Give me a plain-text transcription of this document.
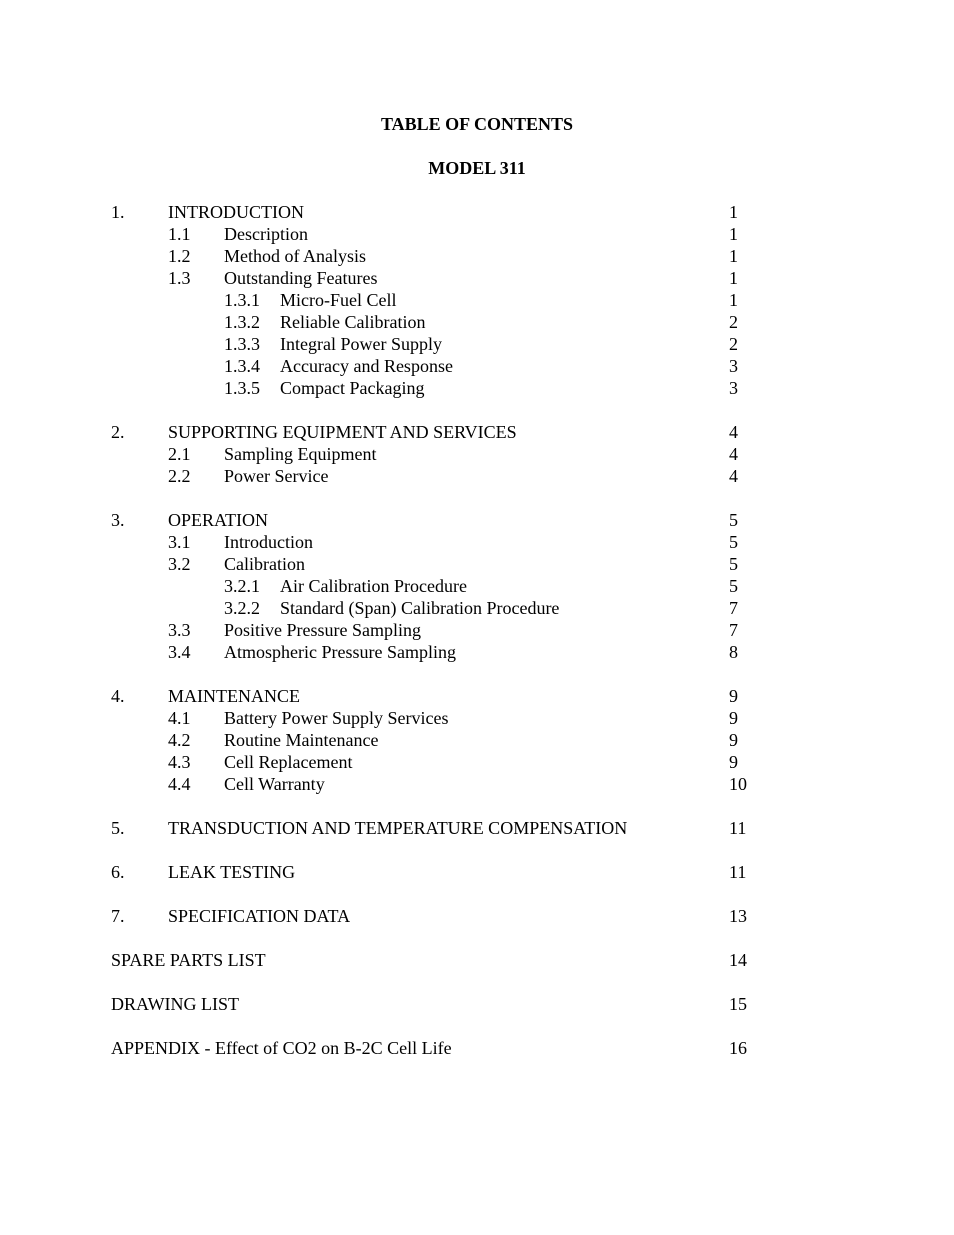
TABLE OF CONTENTS
MODEL 311
1. INTRODUCTION	1
1.1 Description	1
1.2 Method of Analysis	1
1.3 Outstanding Features	1
1.3.1 Micro-Fuel Cell	1
1.3.2 Reliable Calibration	2
1.3.3 Integral Power Supply	2
1.3.4 Accuracy and Response	3
1.3.5 Compact Packaging	3
2. SUPPORTING EQUIPMENT AND SERVICES	4
2.1 Sampling Equipment	4
2.2 Power Service	4
3. OPERATION	5
3.1 Introduction	5
3.2 Calibration	5
3.2.1 Air Calibration Procedure	5
3.2.2 Standard (Span) Calibration Procedure	7
3.3 Positive Pressure Sampling	7
3.4 Atmospheric Pressure Sampling	8
4. MAINTENANCE	9
4.1 Battery Power Supply Services	9
4.2 Routine Maintenance	9
4.3 Cell Replacement	9
4.4 Cell Warranty	10
5. TRANSDUCTION AND TEMPERATURE COMPENSATION	11
6. LEAK TESTING	11
7. SPECIFICATION DATA	13
SPARE PARTS LIST	14
DRAWING LIST	15
APPENDIX - Effect of CO2 on B-2C Cell Life	16
